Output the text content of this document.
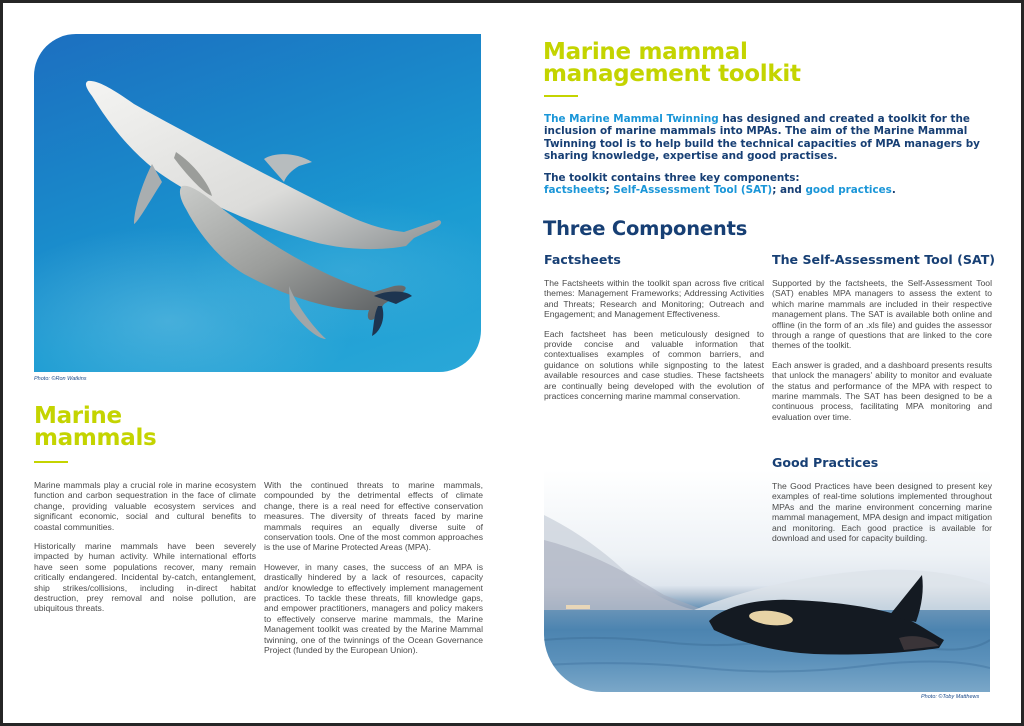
Photo: ©Ron Watkins
Marine
mammals

Marine mammals play a crucial role in marine ecosystem function and carbon sequestration in the face of climate change, providing valuable ecosystem services and significant economic, social and cultural benefits to coastal communities.

Historically marine mammals have been severely impacted by human activity. While international efforts have seen some populations recover, many remain critically endangered. Incidental by-catch, entanglement, ship strikes/collisions, including in-direct habitat destruction, prey removal and noise pollution, are ubiquitous threats.

With the continued threats to marine mammals, compounded by the detrimental effects of climate change, there is a real need for effective conservation measures. The diversity of threats faced by marine mammals requires an equally diverse suite of conservation tools. One of the most common approaches is the use of Marine Protected Areas (MPA).

However, in many cases, the success of an MPA is drastically hindered by a lack of resources, capacity and/or knowledge to effectively implement management practices. To tackle these threats, fill knowledge gaps, and empower practitioners, managers and policy makers to effectively conserve marine mammals, the Marine Management toolkit was created by the Marine Mammal twinning, one of the twinnings of the Ocean Governance Project (funded by the European Union).

Marine mammal
management toolkit

The Marine Mammal Twinning has designed and created a toolkit for the inclusion of marine mammals into MPAs. The aim of the Marine Mammal Twinning tool is to help build the technical capacities of MPA managers by sharing knowledge, expertise and good practises.

The toolkit contains three key components:
factsheets; Self-Assessment Tool (SAT); and good practices.

Three Components
Factsheets

The Factsheets within the toolkit span across five critical themes: Management Frameworks; Addressing Activities and Threats; Research and Monitoring; Outreach and Engagement; and Management Effectiveness.

Each factsheet has been meticulously designed to provide concise and valuable information that contextualises examples of common barriers, and guidance on solutions while signposting to the latest available resources and case studies. These factsheets are continually being developed with the evolution of practices concerning marine mammal conservation.

The Self-Assessment Tool (SAT)

Supported by the factsheets, the Self-Assessment Tool (SAT) enables MPA managers to assess the extent to which marine mammals are included in their respective management plans. The SAT is available both online and offline (in the form of an .xls file) and guides the assessor through a range of questions that are linked to the core themes of the toolkit.

Each answer is graded, and a dashboard presents results that unlock the managers' ability to monitor and evaluate the status and performance of the MPA with respect to marine mammals. The SAT has been designed to be a continuous process, facilitating MPA monitoring and evaluation over time.

Good Practices

The Good Practices have been designed to present key examples of real-time solutions implemented throughout MPAs and the marine environment concerning marine mammal management, MPA design and impact mitigation and monitoring. Each good practice is available for download and used for capacity building.

Photo: ©Toby Matthews
